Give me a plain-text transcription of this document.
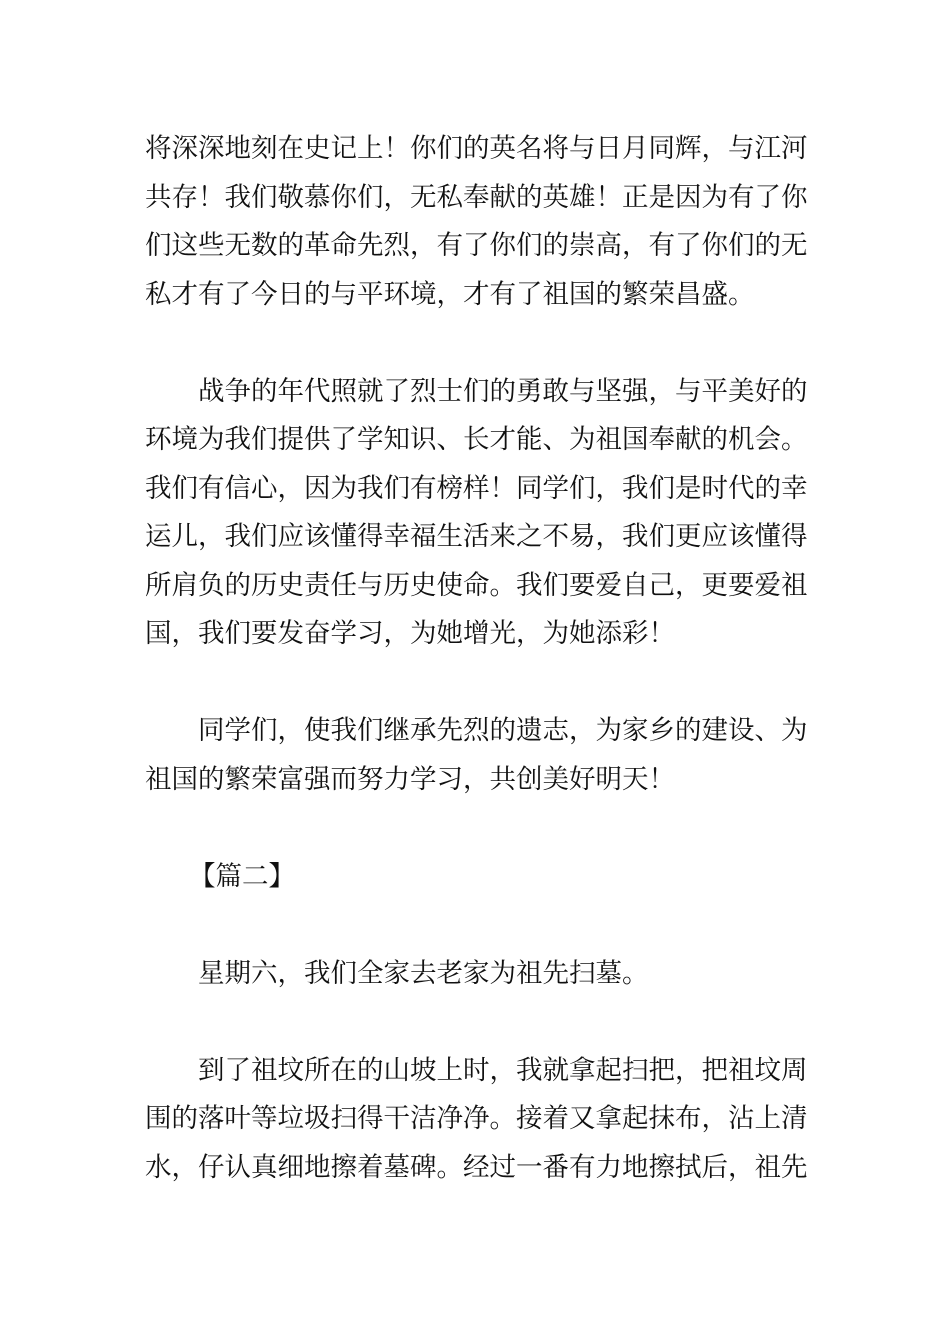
将深深地刻在史记上！你们的英名将与日月同辉，与江河
共存！我们敬慕你们，无私奉献的英雄！正是因为有了你
们这些无数的革命先烈，有了你们的崇高，有了你们的无
私才有了今日的与平环境，才有了祖国的繁荣昌盛。
战争的年代照就了烈士们的勇敢与坚强，与平美好的
环境为我们提供了学知识、长才能、为祖国奉献的机会。
我们有信心，因为我们有榜样！同学们，我们是时代的幸
运儿，我们应该懂得幸福生活来之不易，我们更应该懂得
所肩负的历史责任与历史使命。我们要爱自己，更要爱祖
国，我们要发奋学习，为她增光，为她添彩！
同学们，使我们继承先烈的遗志，为家乡的建设、为
祖国的繁荣富强而努力学习，共创美好明天！
【篇二】
星期六，我们全家去老家为祖先扫墓。
到了祖坟所在的山坡上时，我就拿起扫把，把祖坟周
围的落叶等垃圾扫得干洁净净。接着又拿起抹布，沾上清
水，仔认真细地擦着墓碑。经过一番有力地擦拭后，祖先
